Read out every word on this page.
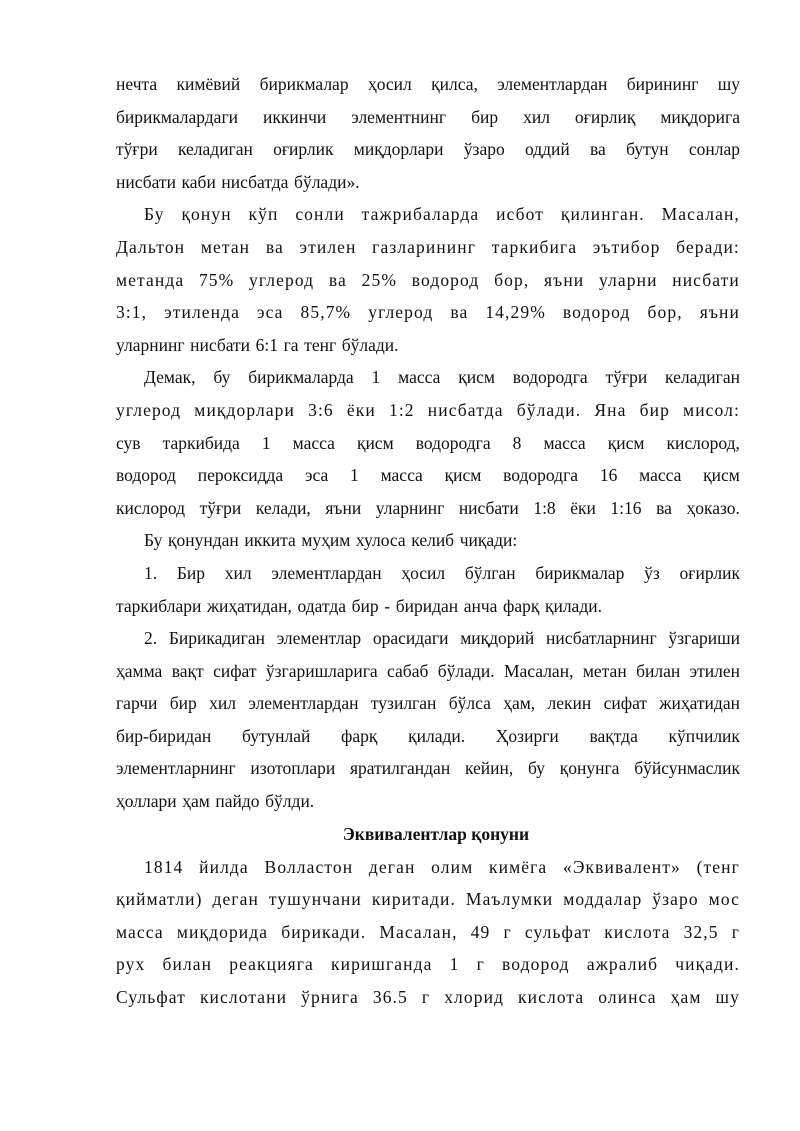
нечта кимёвий бирикмалар ҳосил қилса, элементлардан бирининг шу
бирикмалардаги иккинчи элементнинг бир хил оғирлиқ миқдорига
тўғри келадиган оғирлик миқдорлари ўзаро оддий ва бутун сонлар
нисбати каби нисбатда бўлади».
Бу қонун кўп сонли тажрибаларда исбот қилинган. Масалан,
Дальтон метан ва этилен газларининг таркибига эътибор беради:
метанда 75% углерод ва 25% водород бор, яъни уларни нисбати
3:1, этиленда эса 85,7% углерод ва 14,29% водород бор, яъни
уларнинг нисбати 6:1 га тенг бўлади.
Демак, бу бирикмаларда 1 масса қисм водородга тўғри келадиган
углерод миқдорлари 3:6 ёки 1:2 нисбатда бўлади. Яна бир мисол:
сув таркибида 1 масса қисм водородга 8 масса қисм кислород,
водород пероксидда эса 1 масса қисм водородга 16 масса қисм
кислород тўғри келади, яъни уларнинг нисбати 1:8 ёки 1:16 ва ҳоказо.
Бу қонундан иккита муҳим хулоса келиб чиқади:
1. Бир хил элементлардан ҳосил бўлган бирикмалар ўз оғирлик
таркиблари жиҳатидан, одатда бир - биридан анча фарқ қилади.
2. Бирикадиган элементлар орасидаги миқдорий нисбатларнинг ўзгариши
ҳамма вақт сифат ўзгаришларига сабаб бўлади. Масалан, метан билан этилен
гарчи бир хил элементлардан тузилган бўлса ҳам, лекин сифат жиҳатидан
бир-биридан бутунлай фарқ қилади. Ҳозирги вақтда кўпчилик
элементларнинг изотоплари яратилгандан кейин, бу қонунга бўйсунмаслик
ҳоллари ҳам пайдо бўлди.
Эквивалентлар қонуни
1814 йилда Волластон деган олим кимёга «Эквивалент» (тенг
қийматли) деган тушунчани киритади. Маълумки моддалар ўзаро мос
масса миқдорида бирикади. Масалан, 49 г сульфат кислота 32,5 г
рух билан реакцияга киришганда 1 г водород ажралиб чиқади.
Сульфат кислотани ўрнига 36.5 г хлорид кислота олинса ҳам шу
